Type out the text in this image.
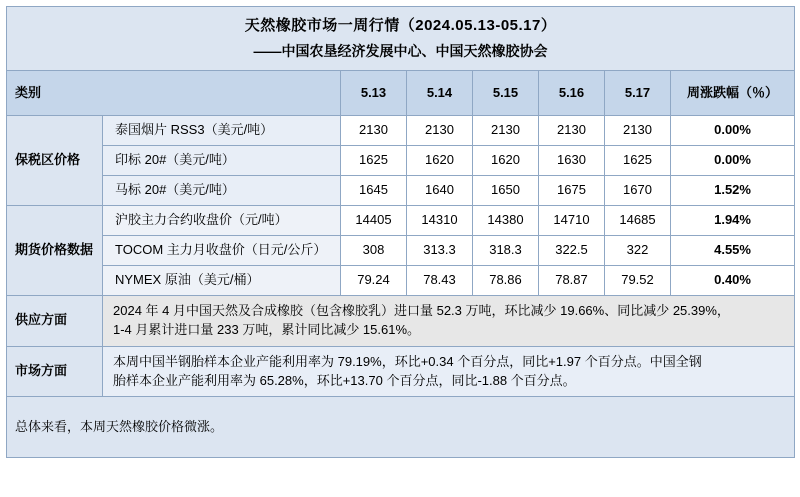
天然橡胶市场一周行情（2024.05.13-05.17）							

——中国农垦经济发展中心、中国天然橡胶协会							

类别		5.13	5.14	5.15	5.16	5.17	周涨跌幅（％）
保税区价格	泰国烟片 RSS3（美元/吨）	2130	2130	2130	2130	2130	0.00%
	印标 20#（美元/吨）	1625	1620	1620	1630	1625	0.00%
	马标 20#（美元/吨）	1645	1640	1650	1675	1670	1.52%
期货价格数据	沪胶主力合约收盘价（元/吨）	14405	14310	14380	14710	14685	1.94%
	TOCOM 主力月收盘价（日元/公斤）	308	313.3	318.3	322.5	322	4.55%
	NYMEX 原油（美元/桶）	79.24	78.43	78.86	78.87	79.52	0.40%
供应方面	2024 年 4 月中国天然及合成橡胶（包含橡胶乳）进口量 52.3 万吨，环比减少 19.66%、同比减少 25.39%，

1-4 月累计进口量 233 万吨，累计同比减少 15.61%。						

市场方面	本周中国半钢胎样本企业产能利用率为 79.19%，环比+0.34 个百分点，同比+1.97 个百分点。中国全钢

胎样本企业产能利用率为 65.28%，环比+13.70 个百分点，同比-1.88 个百分点。						

总体来看，本周天然橡胶价格微涨。							
